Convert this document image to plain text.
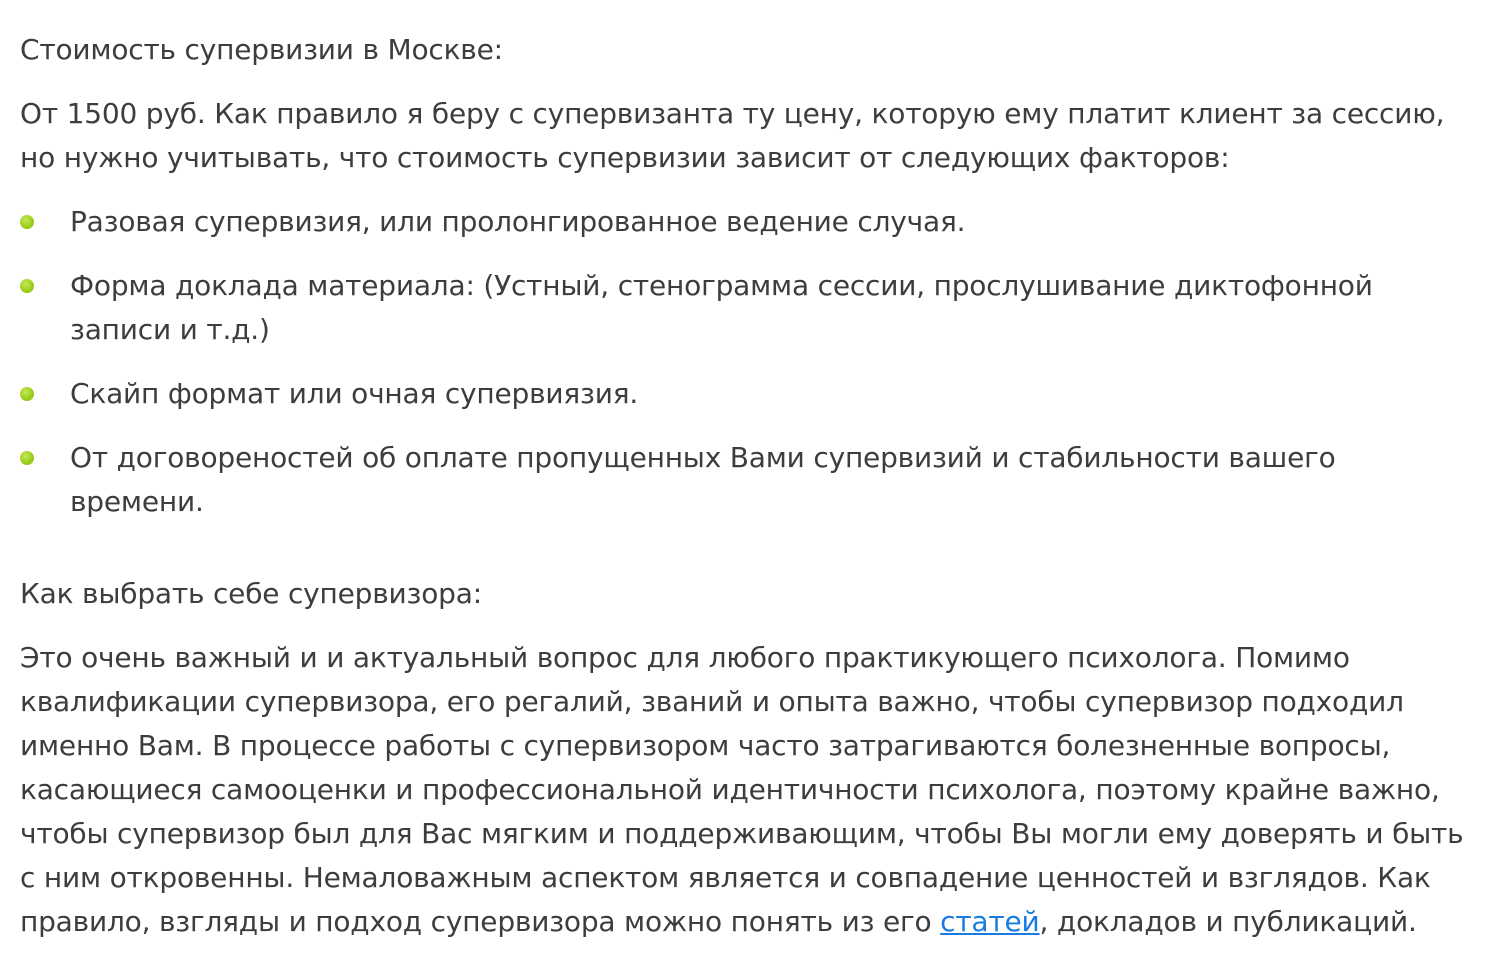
Стоимость супервизии в Москве:

От 1500 руб. Как правило я беру с супервизанта ту цену, которую ему платит клиент за сессию, но нужно учитывать, что стоимость супервизии зависит от следующих факторов:

Разовая супервизия, или пролонгированное ведение случая.
Форма доклада материала: (Устный, стенограмма сессии, прослушивание диктофонной записи и т.д.)
Скайп формат или очная супервиязия.
От договореностей об оплате пропущенных Вами супервизий и стабильности вашего времени.
Как выбрать себе супервизора:

Это очень важный и и актуальный вопрос для любого практикующего психолога. Помимо квалификации супервизора, его регалий, званий и опыта важно, чтобы супервизор подходил именно Вам. В процессе работы с супервизором часто затрагиваются болезненные вопросы, касающиеся самооценки и профессиональной идентичности психолога, поэтому крайне важно, чтобы супервизор был для Вас мягким и поддерживающим, чтобы Вы могли ему доверять и быть с ним откровенны. Немаловажным аспектом является и совпадение ценностей и взглядов. Как правило, взгляды и подход супервизора можно понять из его статей, докладов и публикаций.
